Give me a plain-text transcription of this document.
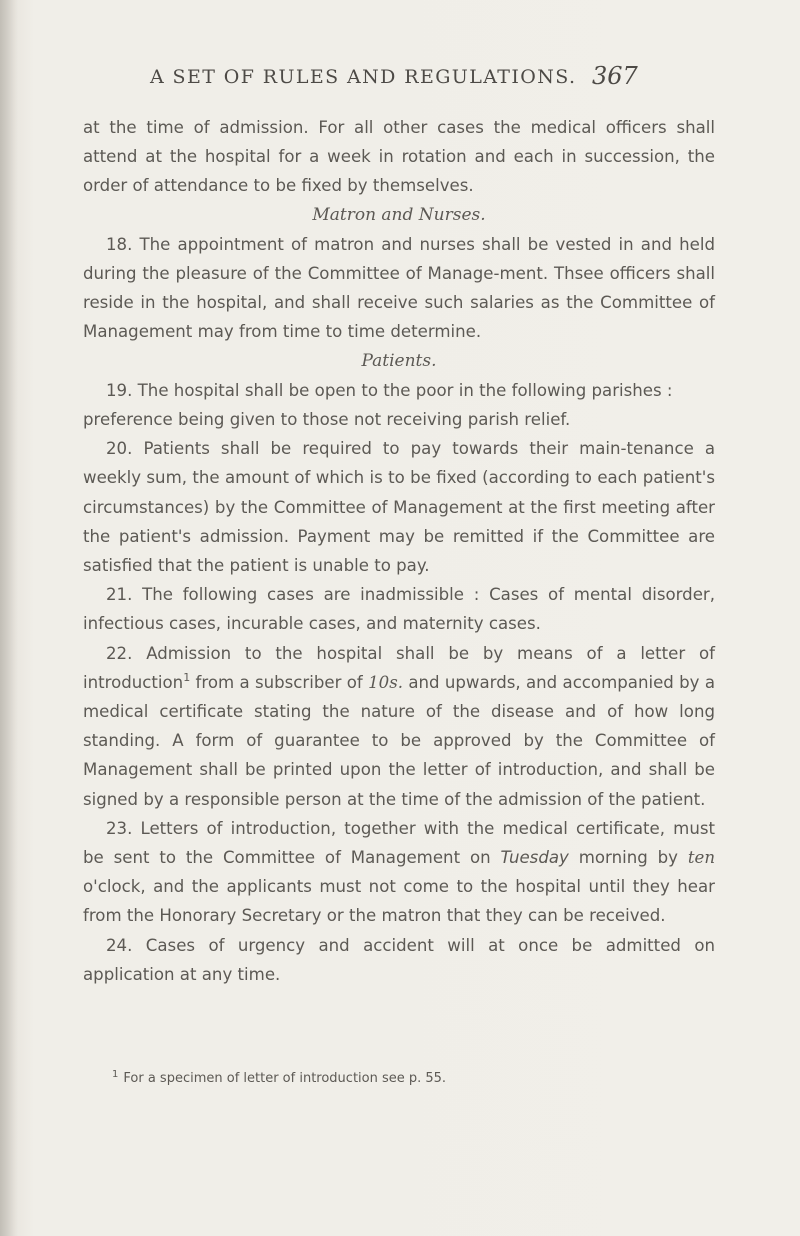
A SET OF RULES AND REGULATIONS. 367

at the time of admission. For all other cases the medical officers shall attend at the hospital for a week in rotation and each in succession, the order of attendance to be fixed by themselves.

Matron and Nurses.

18. The appointment of matron and nurses shall be vested in and held during the pleasure of the Committee of Manage-ment. Thsee officers shall reside in the hospital, and shall receive such salaries as the Committee of Management may from time to time determine.

Patients.

19. The hospital shall be open to the poor in the following parishes :

preference being given to those not receiving parish relief.

20. Patients shall be required to pay towards their main-tenance a weekly sum, the amount of which is to be fixed (according to each patient's circumstances) by the Committee of Management at the first meeting after the patient's admission. Payment may be remitted if the Committee are satisfied that the patient is unable to pay.

21. The following cases are inadmissible : Cases of mental disorder, infectious cases, incurable cases, and maternity cases.

22. Admission to the hospital shall be by means of a letter of introduction$^1$ from a subscriber of 10s. and upwards, and accompanied by a medical certificate stating the nature of the disease and of how long standing. A form of guarantee to be approved by the Committee of Management shall be printed upon the letter of introduction, and shall be signed by a responsible person at the time of the admission of the patient.

23. Letters of introduction, together with the medical certificate, must be sent to the Committee of Management on Tuesday morning by ten o'clock, and the applicants must not come to the hospital until they hear from the Honorary Secretary or the matron that they can be received.

24. Cases of urgency and accident will at once be admitted on application at any time.

$^1$ For a specimen of letter of introduction see p. 55.
